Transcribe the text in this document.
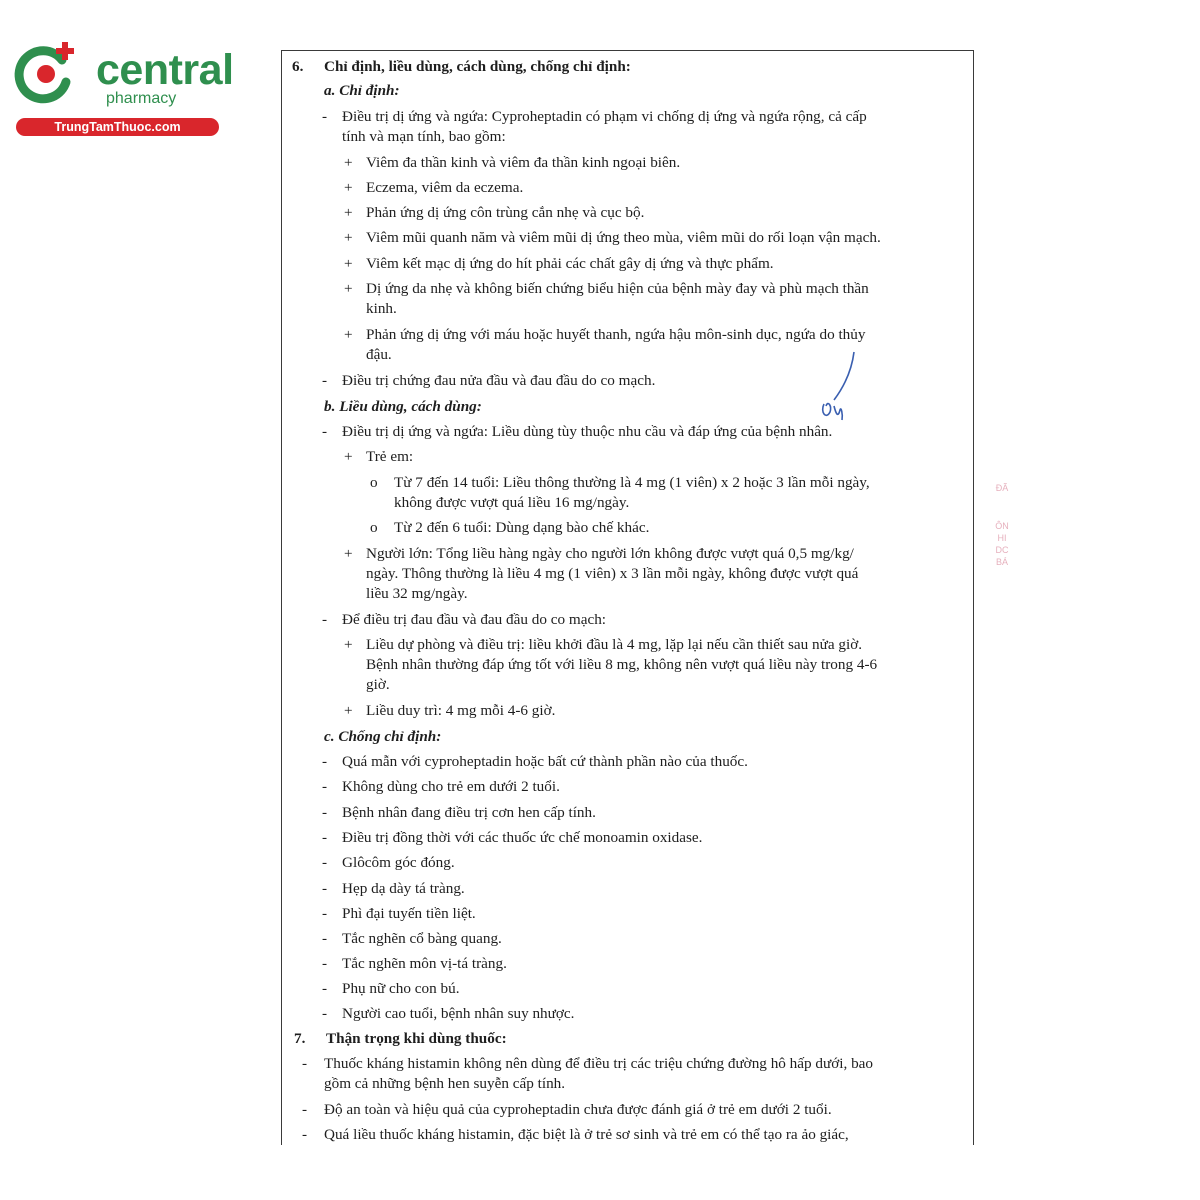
central
pharmacy
TrungTamThuoc.com
6. Chỉ định, liều dùng, cách dùng, chống chỉ định:
a. Chỉ định:
- Điều trị dị ứng và ngứa: Cyproheptadin có phạm vi chống dị ứng và ngứa rộng, cả cấp
tính và mạn tính, bao gồm:
+ Viêm đa thần kinh và viêm đa thần kinh ngoại biên.
+ Eczema, viêm da eczema.
+ Phản ứng dị ứng côn trùng cắn nhẹ và cục bộ.
+ Viêm mũi quanh năm và viêm mũi dị ứng theo mùa, viêm mũi do rối loạn vận mạch.
+ Viêm kết mạc dị ứng do hít phải các chất gây dị ứng và thực phẩm.
+ Dị ứng da nhẹ và không biến chứng biểu hiện của bệnh mày đay và phù mạch thần
kinh.
+ Phản ứng dị ứng với máu hoặc huyết thanh, ngứa hậu môn-sinh dục, ngứa do thủy
đậu.
- Điều trị chứng đau nửa đầu và đau đầu do co mạch.
b. Liều dùng, cách dùng:
- Điều trị dị ứng và ngứa: Liều dùng tùy thuộc nhu cầu và đáp ứng của bệnh nhân.
+ Trẻ em:
o Từ 7 đến 14 tuổi: Liều thông thường là 4 mg (1 viên) x 2 hoặc 3 lần mỗi ngày,
không được vượt quá liều 16 mg/ngày.
o Từ 2 đến 6 tuổi: Dùng dạng bào chế khác.
+ Người lớn: Tổng liều hàng ngày cho người lớn không được vượt quá 0,5 mg/kg/
ngày. Thông thường là liều 4 mg (1 viên) x 3 lần mỗi ngày, không được vượt quá
liều 32 mg/ngày.
- Để điều trị đau đầu và đau đầu do co mạch:
+ Liều dự phòng và điều trị: liều khởi đầu là 4 mg, lặp lại nếu cần thiết sau nửa giờ.
Bệnh nhân thường đáp ứng tốt với liều 8 mg, không nên vượt quá liều này trong 4-6
giờ.
+ Liều duy trì: 4 mg mỗi 4-6 giờ.
c. Chống chỉ định:
- Quá mẫn với cyproheptadin hoặc bất cứ thành phần nào của thuốc.
- Không dùng cho trẻ em dưới 2 tuổi.
- Bệnh nhân đang điều trị cơn hen cấp tính.
- Điều trị đồng thời với các thuốc ức chế monoamin oxidase.
- Glôcôm góc đóng.
- Hẹp dạ dày tá tràng.
- Phì đại tuyến tiền liệt.
- Tắc nghẽn cổ bàng quang.
- Tắc nghẽn môn vị-tá tràng.
- Phụ nữ cho con bú.
- Người cao tuổi, bệnh nhân suy nhược.
7. Thận trọng khi dùng thuốc:
- Thuốc kháng histamin không nên dùng để điều trị các triệu chứng đường hô hấp dưới, bao
gồm cả những bệnh hen suyễn cấp tính.
- Độ an toàn và hiệu quả của cyproheptadin chưa được đánh giá ở trẻ em dưới 2 tuổi.
- Quá liều thuốc kháng histamin, đặc biệt là ở trẻ sơ sinh và trẻ em có thể tạo ra ảo giác,
ĐÃ
ÔN
HI
DC
BÁ
